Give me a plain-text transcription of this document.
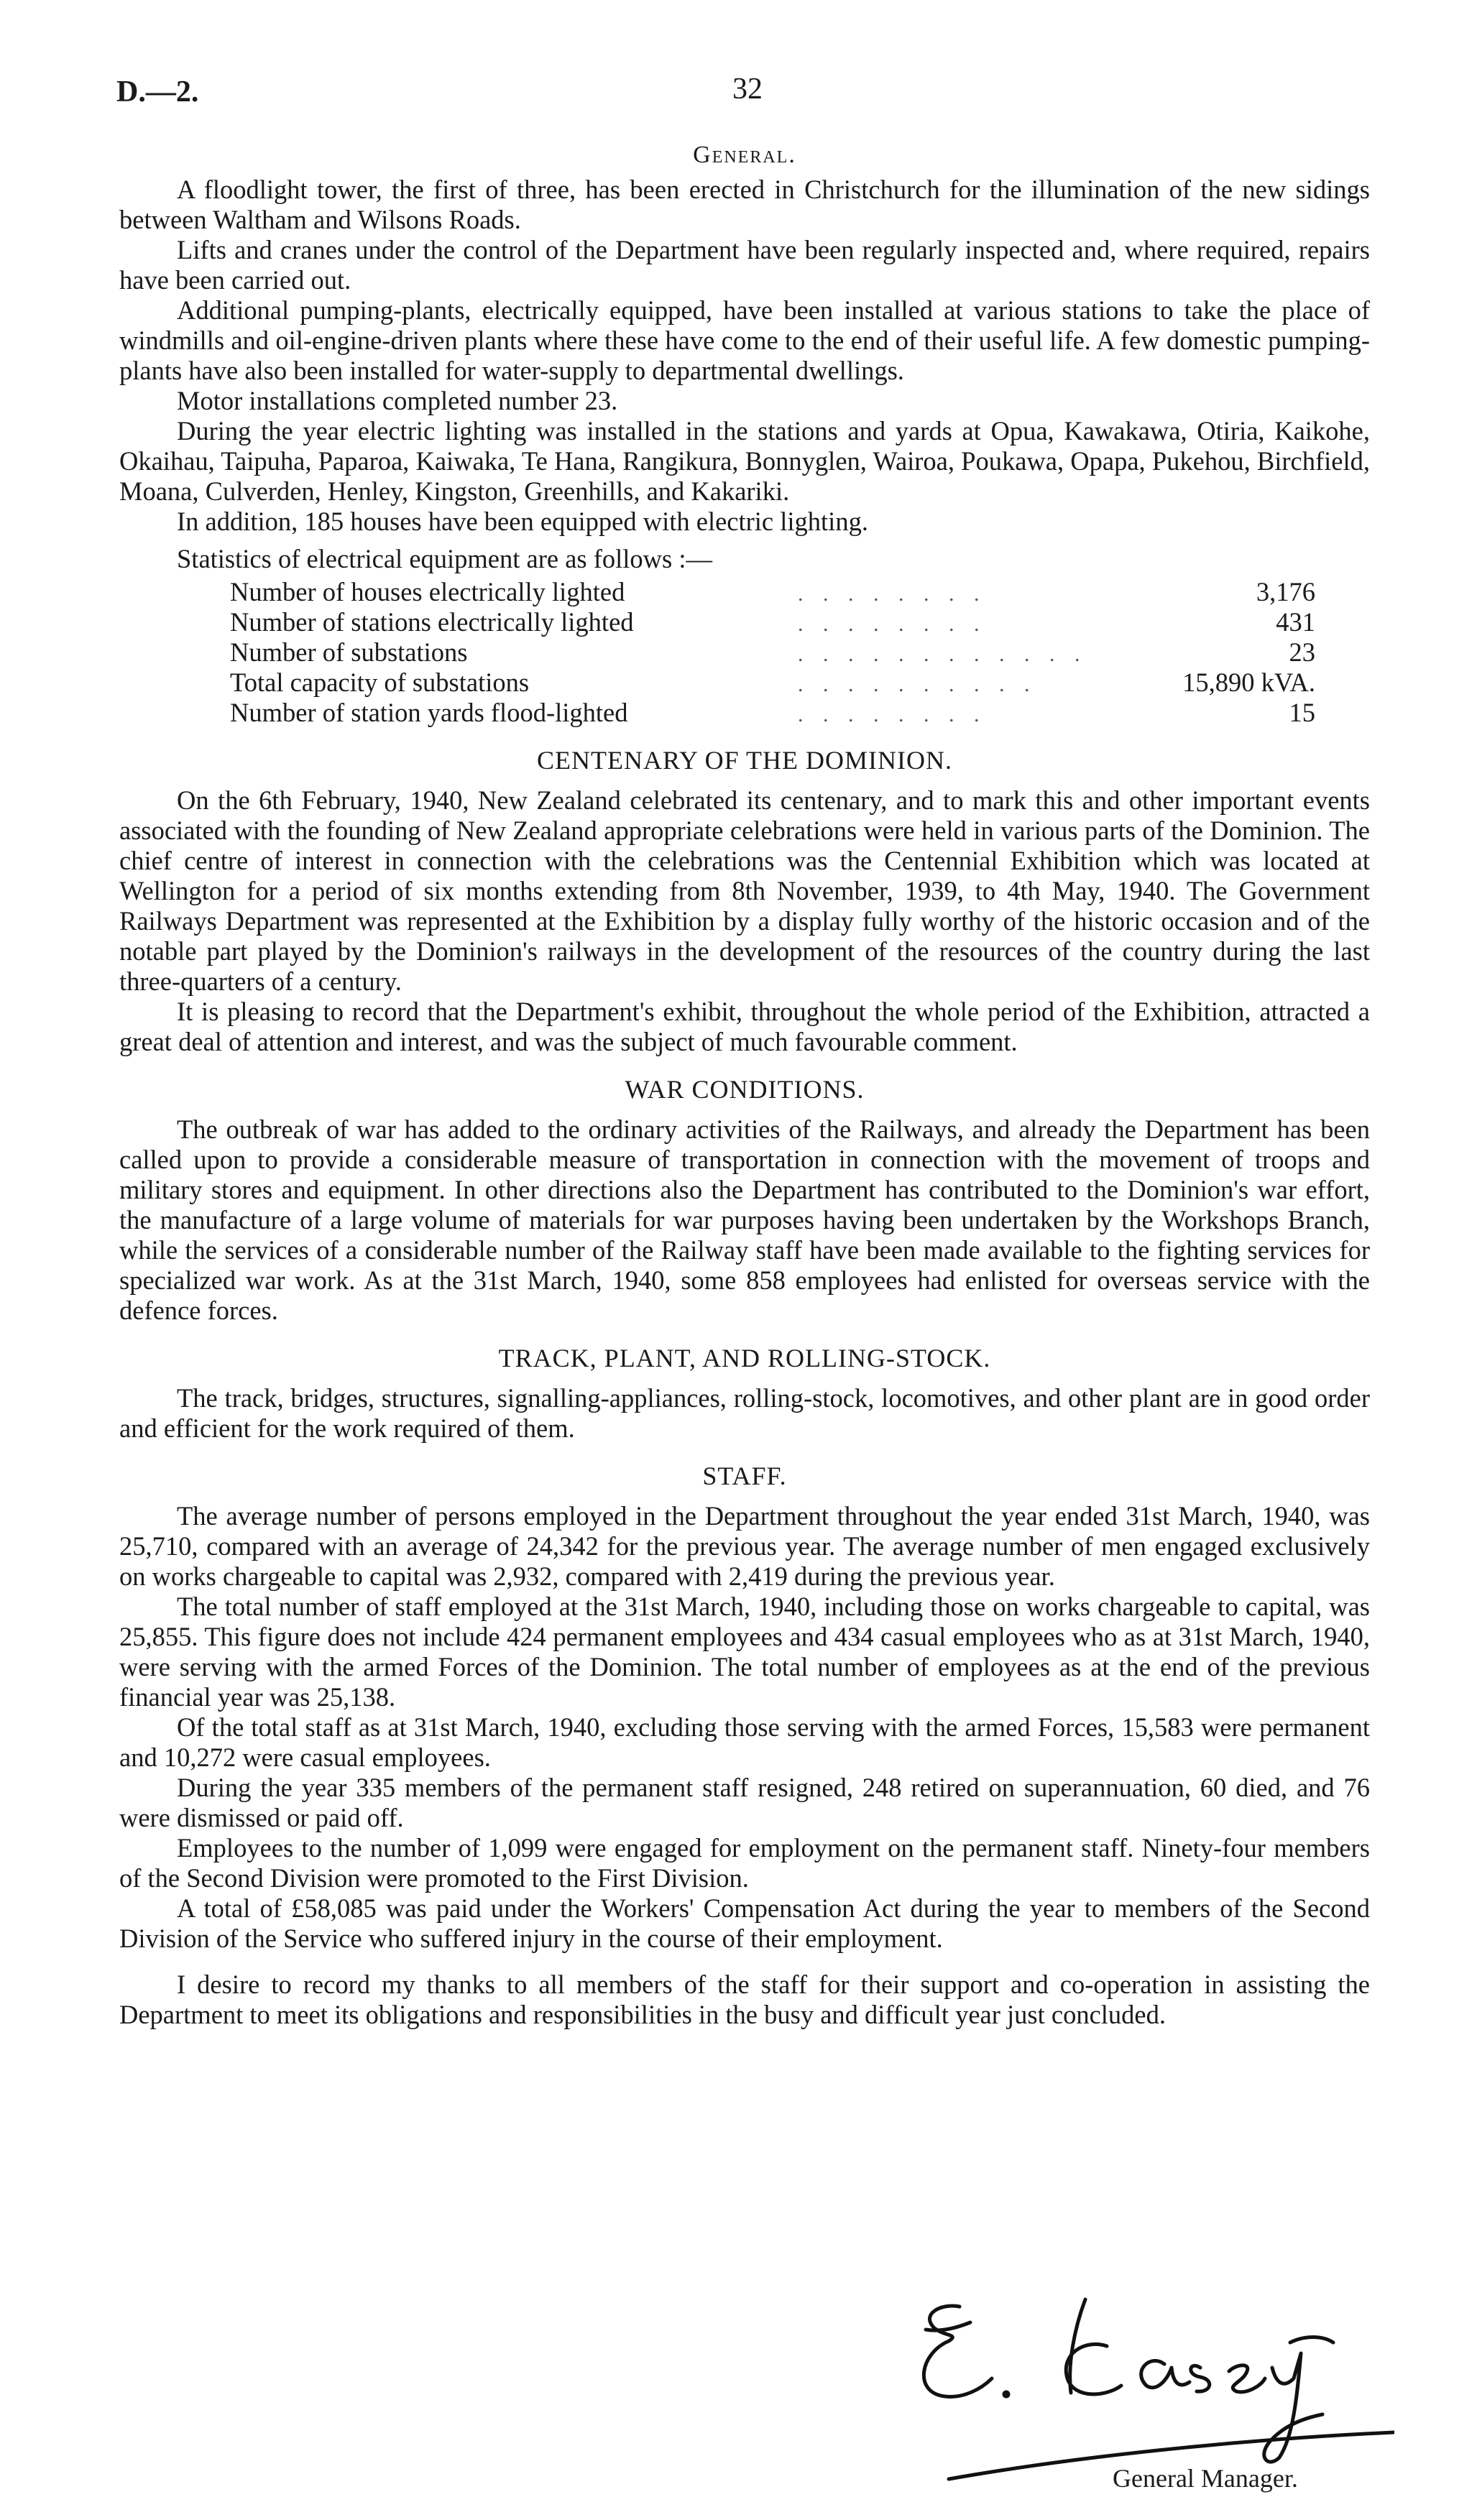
D.—2.	32
General.

A floodlight tower, the first of three, has been erected in Christchurch for the illumination of the new sidings between Waltham and Wilsons Roads.

Lifts and cranes under the control of the Department have been regularly inspected and, where required, repairs have been carried out.

Additional pumping-plants, electrically equipped, have been installed at various stations to take the place of windmills and oil-engine-driven plants where these have come to the end of their useful life. A few domestic pumping-plants have also been installed for water-supply to departmental dwellings.

Motor installations completed number 23.

During the year electric lighting was installed in the stations and yards at Opua, Kawakawa, Otiria, Kaikohe, Okaihau, Taipuha, Paparoa, Kaiwaka, Te Hana, Rangikura, Bonnyglen, Wairoa, Poukawa, Opapa, Pukehou, Birchfield, Moana, Culverden, Henley, Kingston, Greenhills, and Kakariki.

In addition, 185 houses have been equipped with electric lighting.

Statistics of electrical equipment are as follows :—

Number of houses electrically lighted	. . . . . . . .	3,176
Number of stations electrically lighted	. . . . . . . .	431
Number of substations	. . . . . . . . . . . .	23
Total capacity of substations	. . . . . . . . . .	15,890 kVA.
Number of station yards flood-lighted	. . . . . . . .	15
CENTENARY OF THE DOMINION.

On the 6th February, 1940, New Zealand celebrated its centenary, and to mark this and other important events associated with the founding of New Zealand appropriate celebrations were held in various parts of the Dominion. The chief centre of interest in connection with the celebrations was the Centennial Exhibition which was located at Wellington for a period of six months extending from 8th November, 1939, to 4th May, 1940. The Government Railways Department was represented at the Exhibition by a display fully worthy of the historic occasion and of the notable part played by the Dominion's railways in the development of the resources of the country during the last three-quarters of a century.

It is pleasing to record that the Department's exhibit, throughout the whole period of the Exhibition, attracted a great deal of attention and interest, and was the subject of much favourable comment.

WAR CONDITIONS.

The outbreak of war has added to the ordinary activities of the Railways, and already the Department has been called upon to provide a considerable measure of transportation in connection with the movement of troops and military stores and equipment. In other directions also the Department has contributed to the Dominion's war effort, the manufacture of a large volume of materials for war purposes having been undertaken by the Workshops Branch, while the services of a considerable number of the Railway staff have been made available to the fighting services for specialized war work. As at the 31st March, 1940, some 858 employees had enlisted for overseas service with the defence forces.

TRACK, PLANT, AND ROLLING-STOCK.

The track, bridges, structures, signalling-appliances, rolling-stock, locomotives, and other plant are in good order and efficient for the work required of them.

STAFF.

The average number of persons employed in the Department throughout the year ended 31st March, 1940, was 25,710, compared with an average of 24,342 for the previous year. The average number of men engaged exclusively on works chargeable to capital was 2,932, compared with 2,419 during the previous year.

The total number of staff employed at the 31st March, 1940, including those on works chargeable to capital, was 25,855. This figure does not include 424 permanent employees and 434 casual employees who as at 31st March, 1940, were serving with the armed Forces of the Dominion. The total number of employees as at the end of the previous financial year was 25,138.

Of the total staff as at 31st March, 1940, excluding those serving with the armed Forces, 15,583 were permanent and 10,272 were casual employees.

During the year 335 members of the permanent staff resigned, 248 retired on superannuation, 60 died, and 76 were dismissed or paid off.

Employees to the number of 1,099 were engaged for employment on the permanent staff. Ninety-four members of the Second Division were promoted to the First Division.

A total of £58,085 was paid under the Workers' Compensation Act during the year to members of the Second Division of the Service who suffered injury in the course of their employment.

I desire to record my thanks to all members of the staff for their support and co-operation in assisting the Department to meet its obligations and responsibilities in the busy and difficult year just concluded.

General Manager.
